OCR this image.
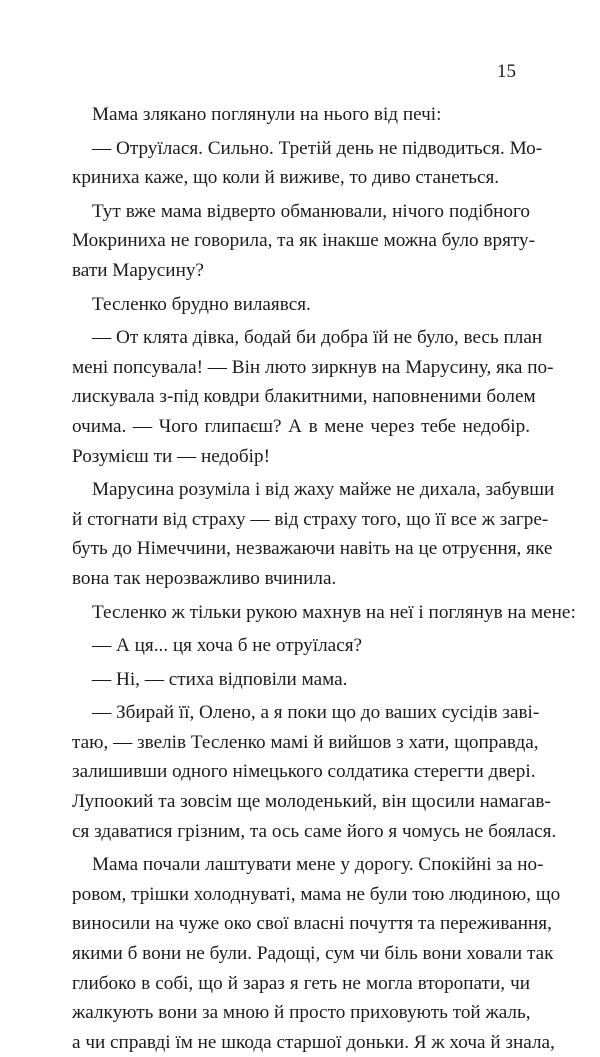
15
Мама злякано поглянули на нього від печі:
— Отруїлася. Сильно. Третій день не підводиться. Мо-
криниха каже, що коли й виживе, то диво станеться.
Тут вже мама відверто обманювали, нічого подібного
Мокриниха не говорила, та як інакше можна було вряту-
вати Марусину?
Тесленко брудно вилаявся.
— От клята дівка, бодай би добра їй не було, весь план
мені попсувала! — Він люто зиркнув на Марусину, яка по-
лискувала з-під ковдри блакитними, наповненими болем
очима. — Чого глипаєш? А в мене через тебе недобір.
Розумієш ти — недобір!
Марусина розуміла і від жаху майже не дихала, забувши
й стогнати від страху — від страху того, що її все ж загре-
буть до Німеччини, незважаючи навіть на це отруєння, яке
вона так нерозважливо вчинила.
Тесленко ж тільки рукою махнув на неї і поглянув на мене:
— А ця... ця хоча б не отруїлася?
— Ні, — стиха відповіли мама.
— Збирай її, Олено, а я поки що до ваших сусідів заві-
таю, — звелів Тесленко мамі й вийшов з хати, щоправда,
залишивши одного німецького солдатика стерегти двері.
Лупоокий та зовсім ще молоденький, він щосили намагав-
ся здаватися грізним, та ось саме його я чомусь не боялася.
Мама почали лаштувати мене у дорогу. Спокійні за но-
ровом, трішки холоднуваті, мама не були тою людиною, що
виносили на чуже око свої власні почуття та переживання,
якими б вони не були. Радощі, сум чи біль вони ховали так
глибоко в собі, що й зараз я геть не могла второпати, чи
жалкують вони за мною й просто приховують той жаль,
а чи справді їм не шкода старшої доньки. Я ж хоча й знала,
